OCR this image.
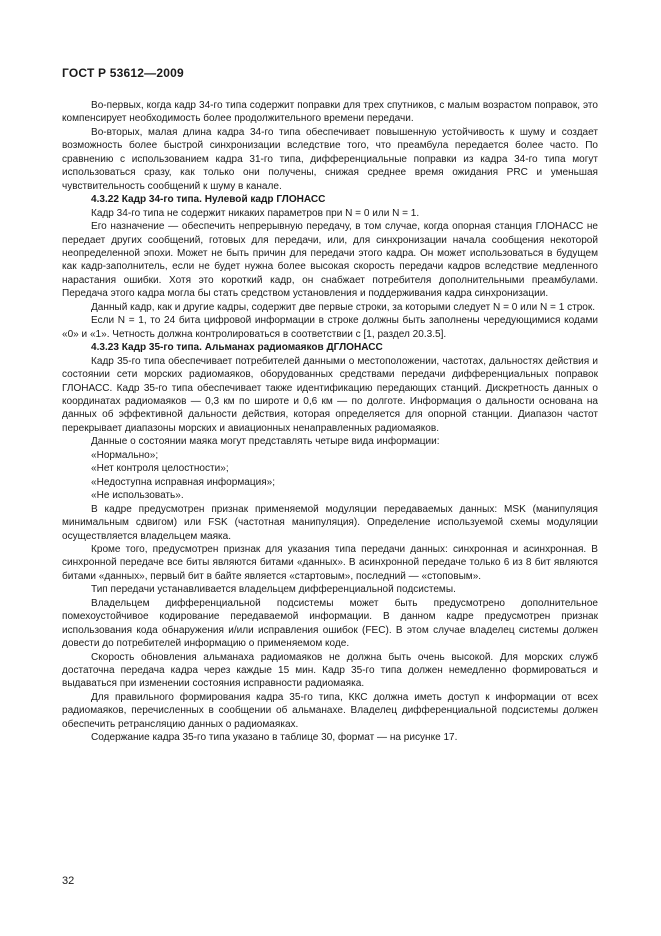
ГОСТ Р 53612—2009

Во-первых, когда кадр 34-го типа содержит поправки для трех спутников, с малым возрастом поправок, это компенсирует необходимость более продолжительного времени передачи.

Во-вторых, малая длина кадра 34-го типа обеспечивает повышенную устойчивость к шуму и создает возможность более быстрой синхронизации вследствие того, что преамбула передается более часто. По сравнению с использованием кадра 31-го типа, дифференциальные поправки из кадра 34-го типа могут использоваться сразу, как только они получены, снижая среднее время ожидания PRC и уменьшая чувствительность сообщений к шуму в канале.

4.3.22 Кадр 34-го типа. Нулевой кадр ГЛОНАСС

Кадр 34-го типа не содержит никаких параметров при N = 0 или N = 1.

Его назначение — обеспечить непрерывную передачу, в том случае, когда опорная станция ГЛОНАСС не передает других сообщений, готовых для передачи, или, для синхронизации начала сообщения некоторой неопределенной эпохи. Может не быть причин для передачи этого кадра. Он может использоваться в будущем как кадр-заполнитель, если не будет нужна более высокая скорость передачи кадров вследствие медленного нарастания ошибки. Хотя это короткий кадр, он снабжает потребителя дополнительными преамбулами. Передача этого кадра могла бы стать средством установления и поддерживания кадра синхронизации.

Данный кадр, как и другие кадры, содержит две первые строки, за которыми следует N = 0 или N = 1 строк.

Если N = 1, то 24 бита цифровой информации в строке должны быть заполнены чередующимися кодами «0» и «1». Четность должна контролироваться в соответствии с [1, раздел 20.3.5].

4.3.23 Кадр 35-го типа. Альманах радиомаяков ДГЛОНАСС

Кадр 35-го типа обеспечивает потребителей данными о местоположении, частотах, дальностях действия и состоянии сети морских радиомаяков, оборудованных средствами передачи дифференциальных поправок ГЛОНАСС. Кадр 35-го типа обеспечивает также идентификацию передающих станций. Дискретность данных о координатах радиомаяков — 0,3 км по широте и 0,6 км — по долготе. Информация о дальности основана на данных об эффективной дальности действия, которая определяется для опорной станции. Диапазон частот перекрывает диапазоны морских и авиационных ненаправленных радиомаяков.

Данные о состоянии маяка могут представлять четыре вида информации:

«Нормально»;

«Нет контроля целостности»;

«Недоступна исправная информация»;

«Не использовать».

В кадре предусмотрен признак применяемой модуляции передаваемых данных: MSK (манипуляция минимальным сдвигом) или FSK (частотная манипуляция). Определение используемой схемы модуляции осуществляется владельцем маяка.

Кроме того, предусмотрен признак для указания типа передачи данных: синхронная и асинхронная. В синхронной передаче все биты являются битами «данных». В асинхронной передаче только 6 из 8 бит являются битами «данных», первый бит в байте является «стартовым», последний — «стоповым».

Тип передачи устанавливается владельцем дифференциальной подсистемы.

Владельцем дифференциальной подсистемы может быть предусмотрено дополнительное помехоустойчивое кодирование передаваемой информации. В данном кадре предусмотрен признак использования кода обнаружения и/или исправления ошибок (FEC). В этом случае владелец системы должен довести до потребителей информацию о применяемом коде.

Скорость обновления альманаха радиомаяков не должна быть очень высокой. Для морских служб достаточна передача кадра через каждые 15 мин. Кадр 35-го типа должен немедленно формироваться и выдаваться при изменении состояния исправности радиомаяка.

Для правильного формирования кадра 35-го типа, ККС должна иметь доступ к информации от всех радиомаяков, перечисленных в сообщении об альманахе. Владелец дифференциальной подсистемы должен обеспечить ретрансляцию данных о радиомаяках.

Содержание кадра 35-го типа указано в таблице 30, формат — на рисунке 17.

32
